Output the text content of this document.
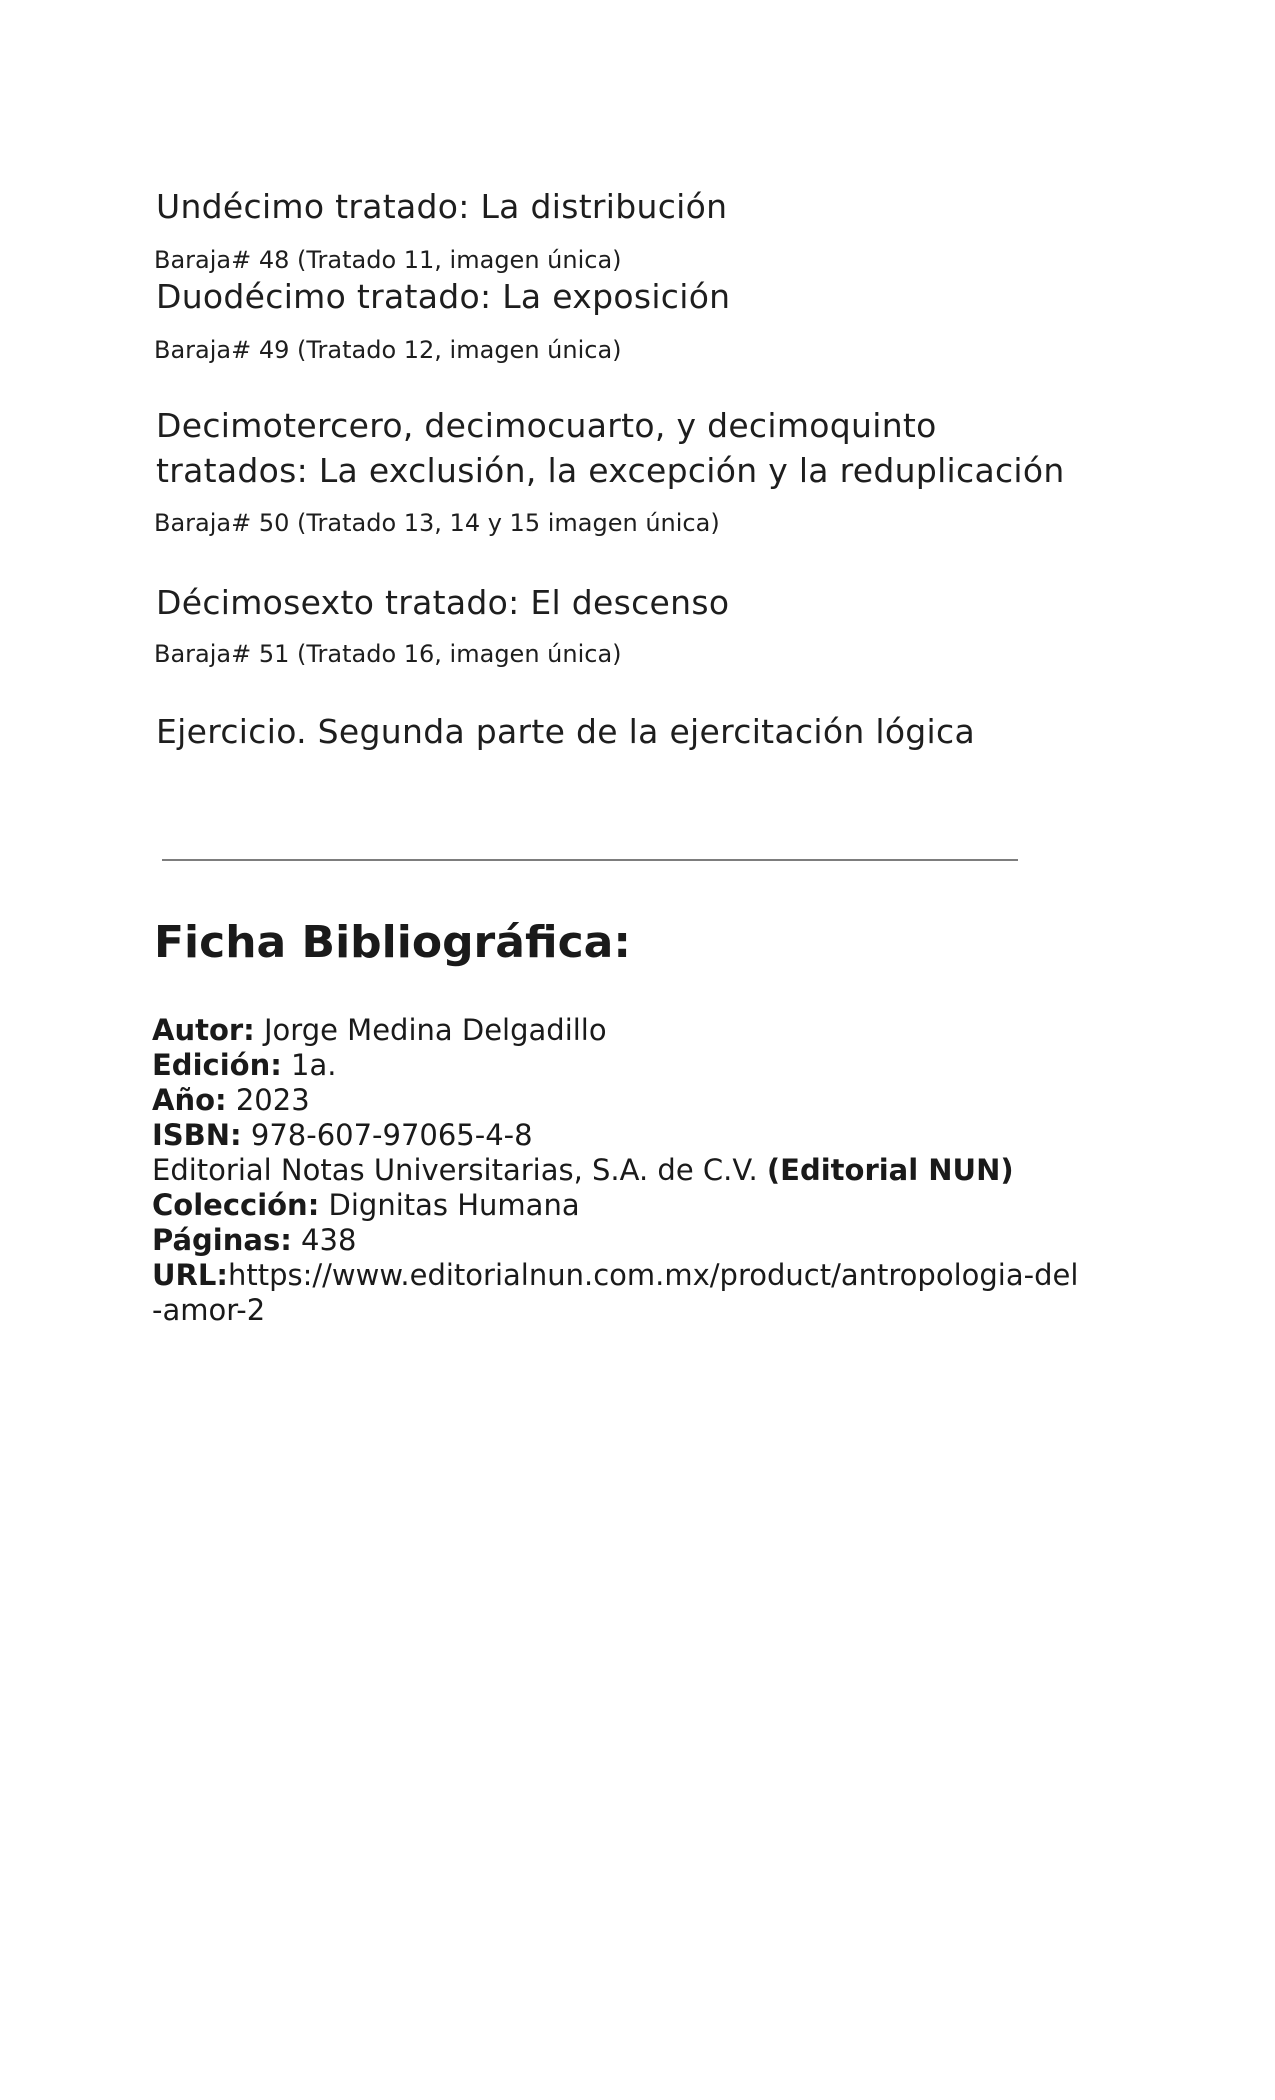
Undécimo tratado: La distribución
Baraja# 48 (Tratado 11, imagen única)
Duodécimo tratado: La exposición
Baraja# 49 (Tratado 12, imagen única)
Decimotercero, decimocuarto, y decimoquinto
tratados: La exclusión, la excepción y la reduplicación
Baraja# 50 (Tratado 13, 14 y 15 imagen única)
Décimosexto tratado: El descenso
Baraja# 51 (Tratado 16, imagen única)
Ejercicio. Segunda parte de la ejercitación lógica
Ficha Bibliográfica:
Autor: Jorge Medina Delgadillo
Edición: 1a.
Año: 2023
ISBN: 978-607-97065-4-8
Editorial Notas Universitarias, S.A. de C.V. (Editorial NUN)
Colección: Dignitas Humana
Páginas: 438
URL:https://www.editorialnun.com.mx/product/antropologia-del
-amor-2
